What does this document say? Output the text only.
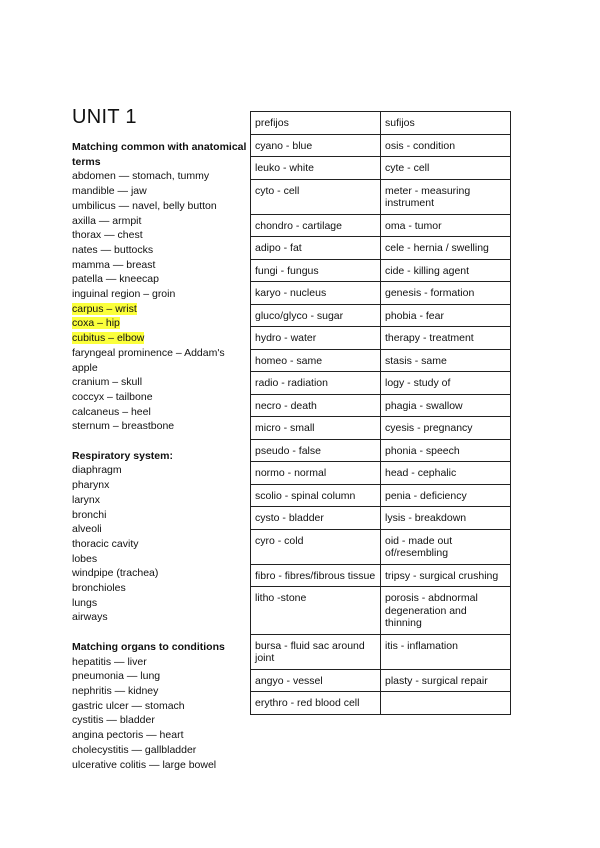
UNIT 1
Matching common with anatomical terms
abdomen — stomach, tummy
mandible — jaw
umbilicus — navel, belly button
axilla — armpit
thorax — chest
nates — buttocks
mamma — breast
patella — kneecap
inguinal region – groin
carpus – wrist
coxa – hip
cubitus – elbow
faryngeal prominence – Addam's apple
cranium – skull
coccyx – tailbone
calcaneus – heel
sternum – breastbone
Respiratory system:
diaphragm
pharynx
larynx
bronchi
alveoli
thoracic cavity
lobes
windpipe (trachea)
bronchioles
lungs
airways
Matching organs to conditions
hepatitis — liver
pneumonia — lung
nephritis — kidney
gastric ulcer — stomach
cystitis — bladder
angina pectoris — heart
cholecystitis — gallbladder
ulcerative colitis — large bowel
prefijos	sufijos
cyano - blue	osis - condition
leuko - white	cyte - cell
cyto - cell	meter - measuring instrument
chondro - cartilage	oma - tumor
adipo - fat	cele - hernia / swelling
fungi - fungus	cide - killing agent
karyo - nucleus	genesis - formation
gluco/glyco - sugar	phobia - fear
hydro - water	therapy - treatment
homeo - same	stasis - same
radio - radiation	logy - study of
necro - death	phagia - swallow
micro - small	cyesis - pregnancy
pseudo - false	phonia - speech
normo - normal	head - cephalic
scolio - spinal column	penia - deficiency
cysto - bladder	lysis - breakdown
cyro - cold	oid - made out of/resembling
fibro - fibres/fibrous tissue	tripsy - surgical crushing
litho -stone	porosis - abdnormal degeneration and thinning
bursa - fluid sac around joint	itis - inflamation
angyo - vessel	plasty - surgical repair
erythro - red blood cell	
